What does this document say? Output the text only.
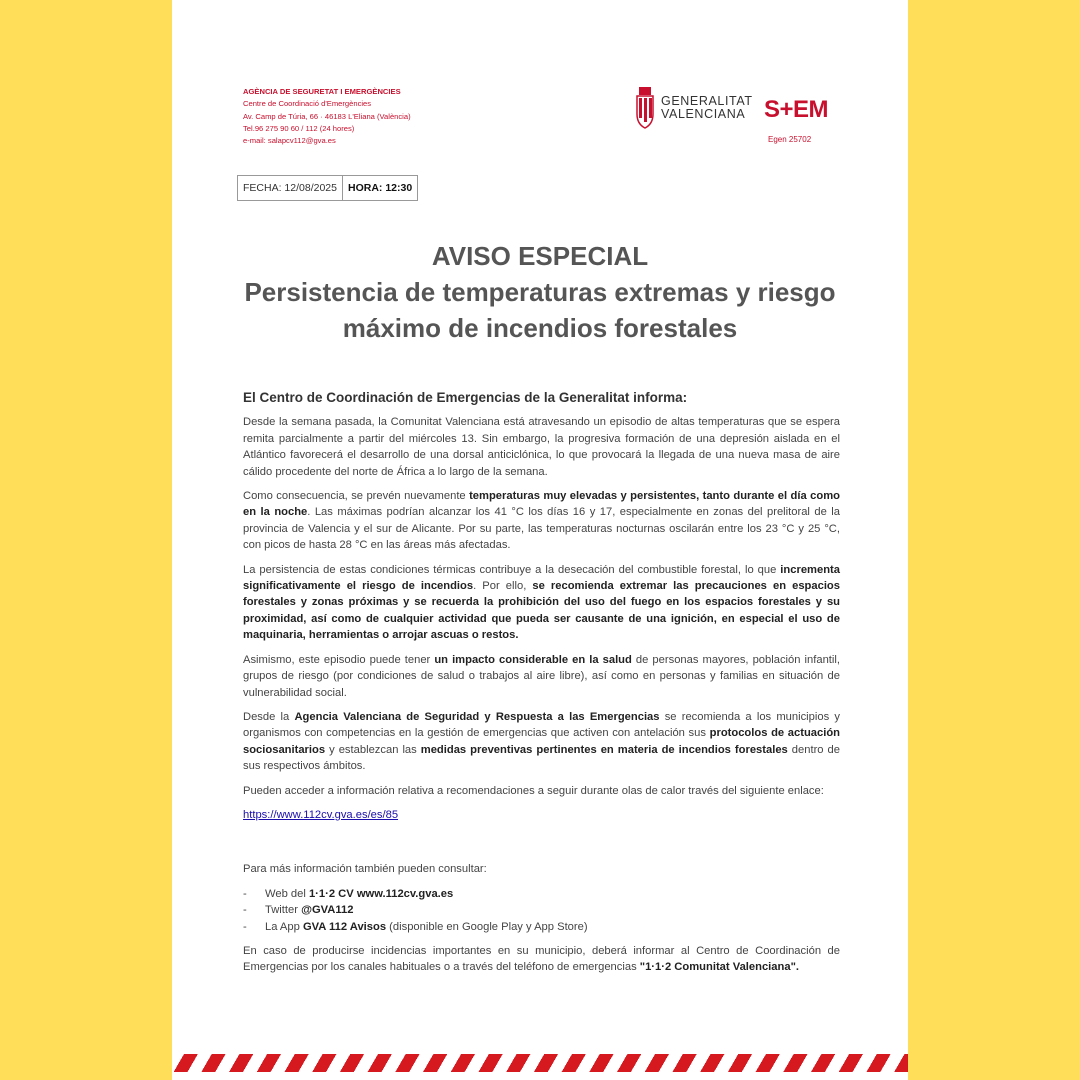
AGÈNCIA DE SEGURETAT I EMERGÈNCIES
Centre de Coordinació d'Emergències
Av. Camp de Túria, 66 · 46183 L'Eliana (València)
Tel.96 275 90 60 / 112 (24 hores)
e-mail: salapcv112@gva.es
GENERALITAT
VALENCIANA S+EM
Egen 25702
FECHA: 12/08/2025	HORA: 12:30
AVISO ESPECIAL
Persistencia de temperaturas extremas y riesgo máximo de incendios forestales
El Centro de Coordinación de Emergencias de la Generalitat informa:

Desde la semana pasada, la Comunitat Valenciana está atravesando un episodio de altas temperaturas que se espera remita parcialmente a partir del miércoles 13. Sin embargo, la progresiva formación de una depresión aislada en el Atlántico favorecerá el desarrollo de una dorsal anticiclónica, lo que provocará la llegada de una nueva masa de aire cálido procedente del norte de África a lo largo de la semana.

Como consecuencia, se prevén nuevamente temperaturas muy elevadas y persistentes, tanto durante el día como en la noche. Las máximas podrían alcanzar los 41 °C los días 16 y 17, especialmente en zonas del prelitoral de la provincia de Valencia y el sur de Alicante. Por su parte, las temperaturas nocturnas oscilarán entre los 23 °C y 25 °C, con picos de hasta 28 °C en las áreas más afectadas.

La persistencia de estas condiciones térmicas contribuye a la desecación del combustible forestal, lo que incrementa significativamente el riesgo de incendios. Por ello, se recomienda extremar las precauciones en espacios forestales y zonas próximas y se recuerda la prohibición del uso del fuego en los espacios forestales y su proximidad, así como de cualquier actividad que pueda ser causante de una ignición, en especial el uso de maquinaria, herramientas o arrojar ascuas o restos.

Asimismo, este episodio puede tener un impacto considerable en la salud de personas mayores, población infantil, grupos de riesgo (por condiciones de salud o trabajos al aire libre), así como en personas y familias en situación de vulnerabilidad social.

Desde la Agencia Valenciana de Seguridad y Respuesta a las Emergencias se recomienda a los municipios y organismos con competencias en la gestión de emergencias que activen con antelación sus protocolos de actuación sociosanitarios y establezcan las medidas preventivas pertinentes en materia de incendios forestales dentro de sus respectivos ámbitos.

Pueden acceder a información relativa a recomendaciones a seguir durante olas de calor través del siguiente enlace:

https://www.112cv.gva.es/es/85

Para más información también pueden consultar:

- Web del 1·1·2 CV www.112cv.gva.es
- Twitter @GVA112
- La App GVA 112 Avisos (disponible en Google Play y App Store)

En caso de producirse incidencias importantes en su municipio, deberá informar al Centro de Coordinación de Emergencias por los canales habituales o a través del teléfono de emergencias "1·1·2 Comunitat Valenciana".
